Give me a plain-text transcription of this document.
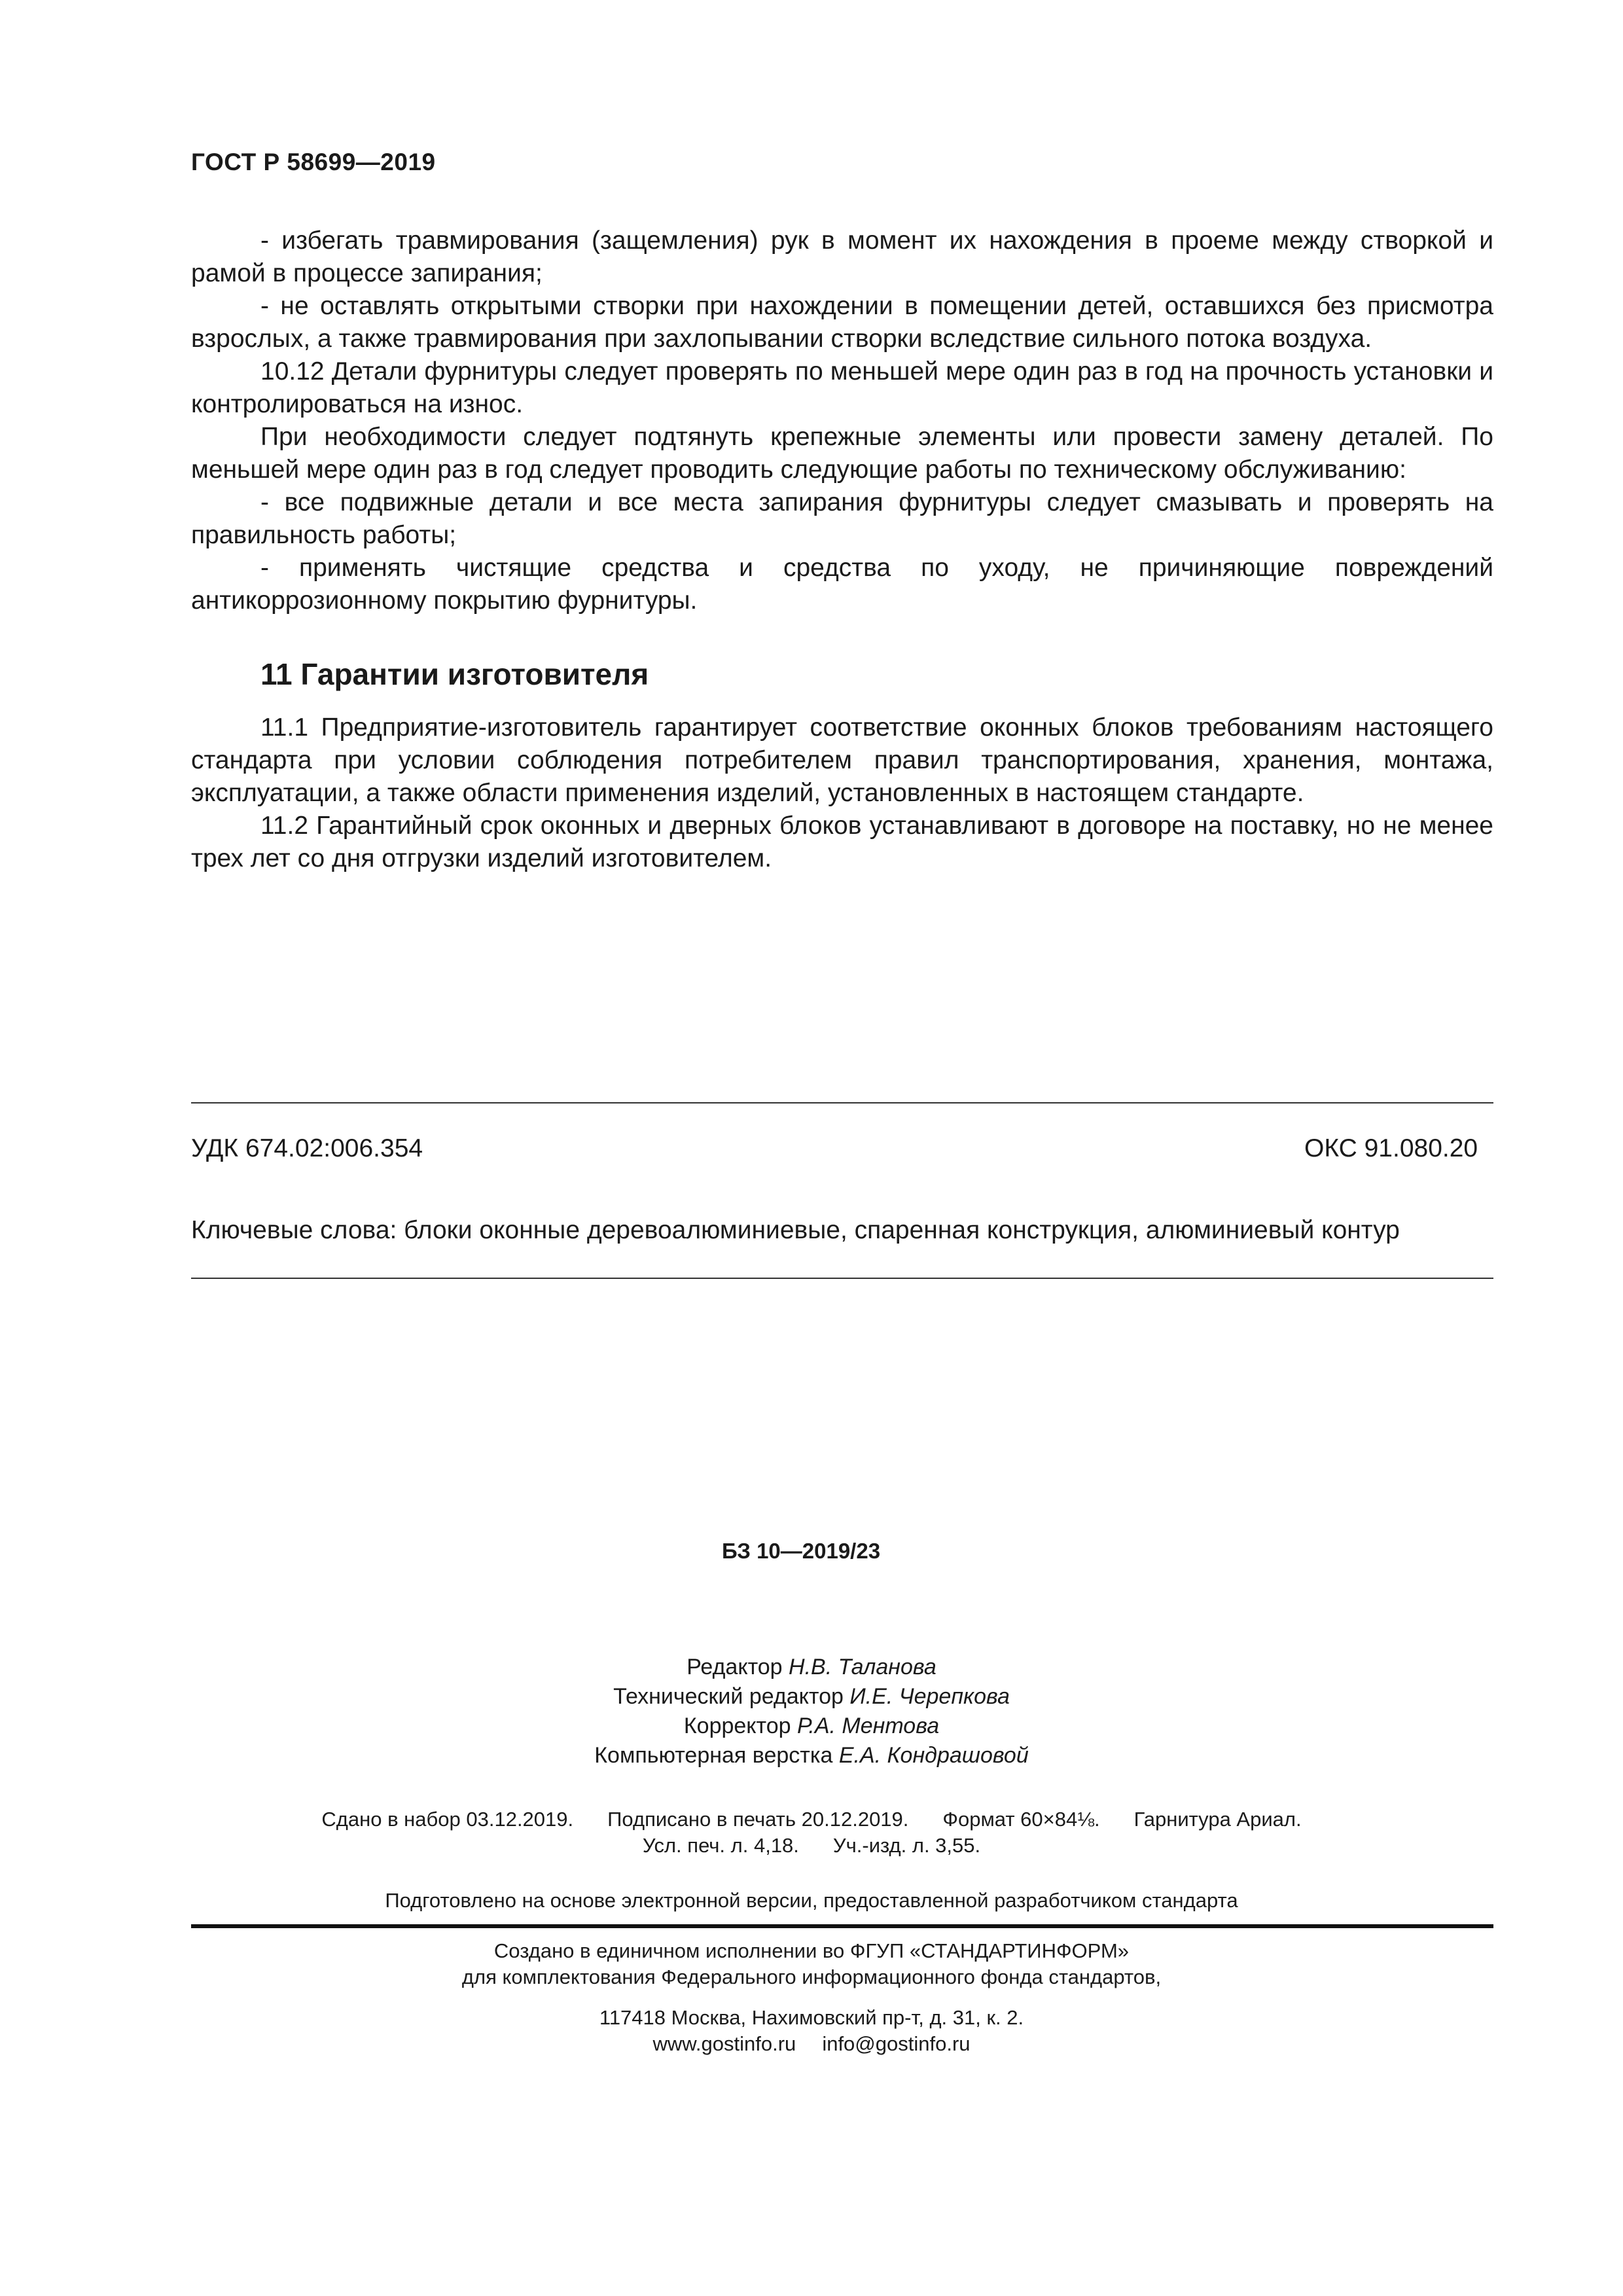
ГОСТ Р 58699—2019
- избегать травмирования (защемления) рук в момент их нахождения в проеме между створкой и рамой в процессе запирания;
- не оставлять открытыми створки при нахождении в помещении детей, оставшихся без присмотра взрослых, а также травмирования при захлопывании створки вследствие сильного потока воздуха.
10.12 Детали фурнитуры следует проверять по меньшей мере один раз в год на прочность установки и контролироваться на износ.
При необходимости следует подтянуть крепежные элементы или провести замену деталей. По меньшей мере один раз в год следует проводить следующие работы по техническому обслуживанию:
- все подвижные детали и все места запирания фурнитуры следует смазывать и проверять на правильность работы;
- применять чистящие средства и средства по уходу, не причиняющие повреждений антикоррозионному покрытию фурнитуры.
11 Гарантии изготовителя
11.1 Предприятие-изготовитель гарантирует соответствие оконных блоков требованиям настоящего стандарта при условии соблюдения потребителем правил транспортирования, хранения, монтажа, эксплуатации, а также области применения изделий, установленных в настоящем стандарте.
11.2 Гарантийный срок оконных и дверных блоков устанавливают в договоре на поставку, но не менее трех лет со дня отгрузки изделий изготовителем.
УДК 674.02:006.354	ОКС 91.080.20
Ключевые слова: блоки оконные деревоалюминиевые, спаренная конструкция, алюминиевый контур
БЗ 10—2019/23
Редактор Н.В. Таланова
Технический редактор И.Е. Черепкова
Корректор Р.А. Ментова
Компьютерная верстка Е.А. Кондрашовой
Сдано в набор 03.12.2019. Подписано в печать 20.12.2019. Формат 60×84⅛. Гарнитура Ариал.
Усл. печ. л. 4,18. Уч.-изд. л. 3,55.
Подготовлено на основе электронной версии, предоставленной разработчиком стандарта
Создано в единичном исполнении во ФГУП «СТАНДАРТИНФОРМ»
для комплектования Федерального информационного фонда стандартов,
117418 Москва, Нахимовский пр-т, д. 31, к. 2.
www.gostinfo.ru info@gostinfo.ru
